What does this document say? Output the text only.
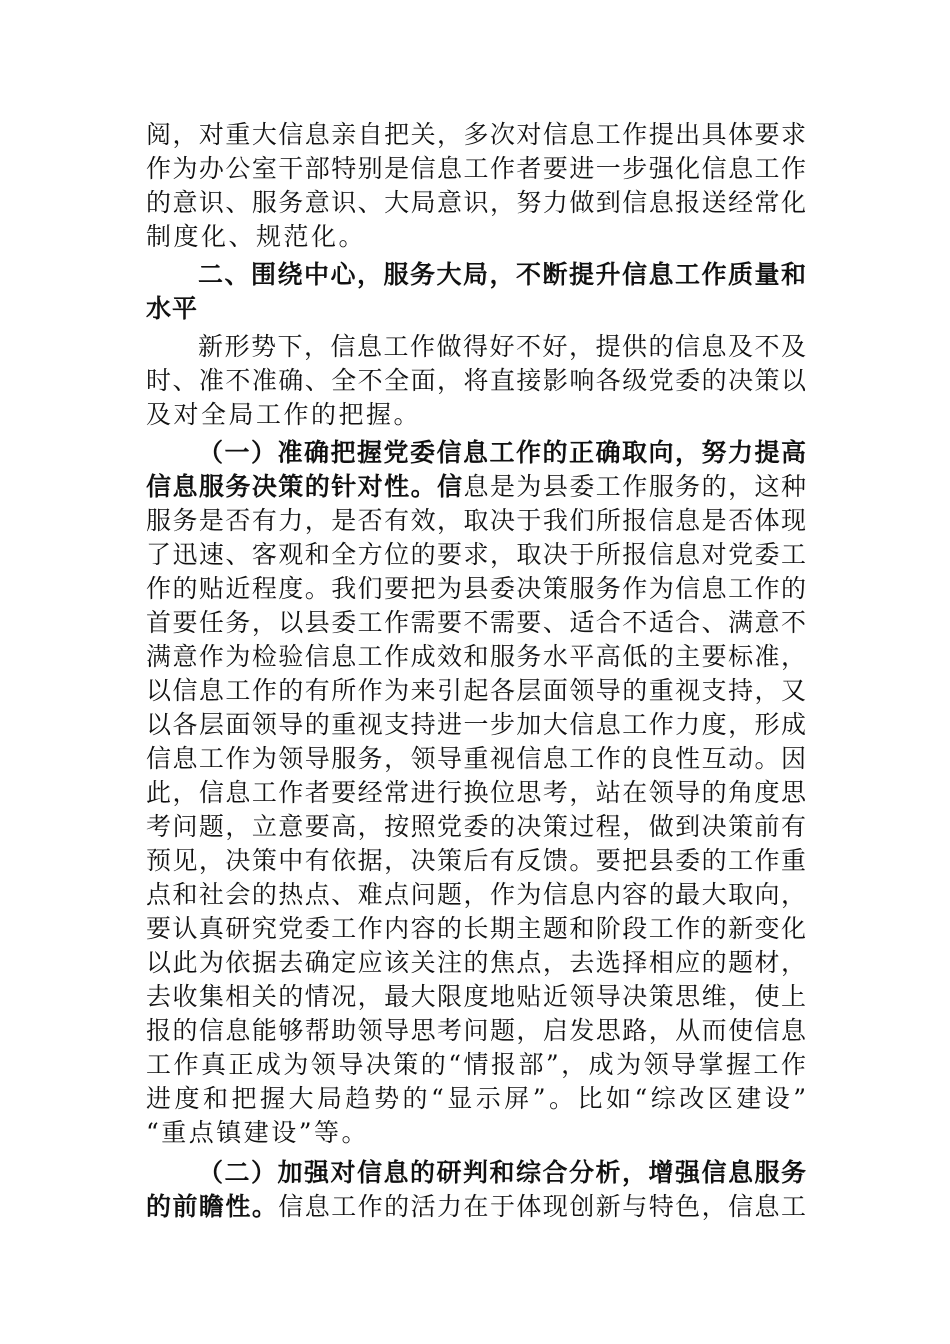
阅，对重大信息亲自把关，多次对信息工作提出具体要求
作为办公室干部特别是信息工作者要进一步强化信息工作
的意识、服务意识、大局意识，努力做到信息报送经常化
制度化、规范化。
二、围绕中心，服务大局，不断提升信息工作质量和
水平
新形势下，信息工作做得好不好，提供的信息及不及
时、准不准确、全不全面，将直接影响各级党委的决策以
及对全局工作的把握。
（一）准确把握党委信息工作的正确取向，努力提高
信息服务决策的针对性。信息是为县委工作服务的，这种
服务是否有力，是否有效，取决于我们所报信息是否体现
了迅速、客观和全方位的要求，取决于所报信息对党委工
作的贴近程度。我们要把为县委决策服务作为信息工作的
首要任务，以县委工作需要不需要、适合不适合、满意不
满意作为检验信息工作成效和服务水平高低的主要标准，
以信息工作的有所作为来引起各层面领导的重视支持，又
以各层面领导的重视支持进一步加大信息工作力度，形成
信息工作为领导服务，领导重视信息工作的良性互动。因
此，信息工作者要经常进行换位思考，站在领导的角度思
考问题，立意要高，按照党委的决策过程，做到决策前有
预见，决策中有依据，决策后有反馈。要把县委的工作重
点和社会的热点、难点问题，作为信息内容的最大取向，
要认真研究党委工作内容的长期主题和阶段工作的新变化
以此为依据去确定应该关注的焦点，去选择相应的题材，
去收集相关的情况，最大限度地贴近领导决策思维，使上
报的信息能够帮助领导思考问题，启发思路，从而使信息
工作真正成为领导决策的“情报部”，成为领导掌握工作
进度和把握大局趋势的“显示屏”。比如“综改区建设”
“重点镇建设”等。
（二）加强对信息的研判和综合分析，增强信息服务
的前瞻性。信息工作的活力在于体现创新与特色，信息工
